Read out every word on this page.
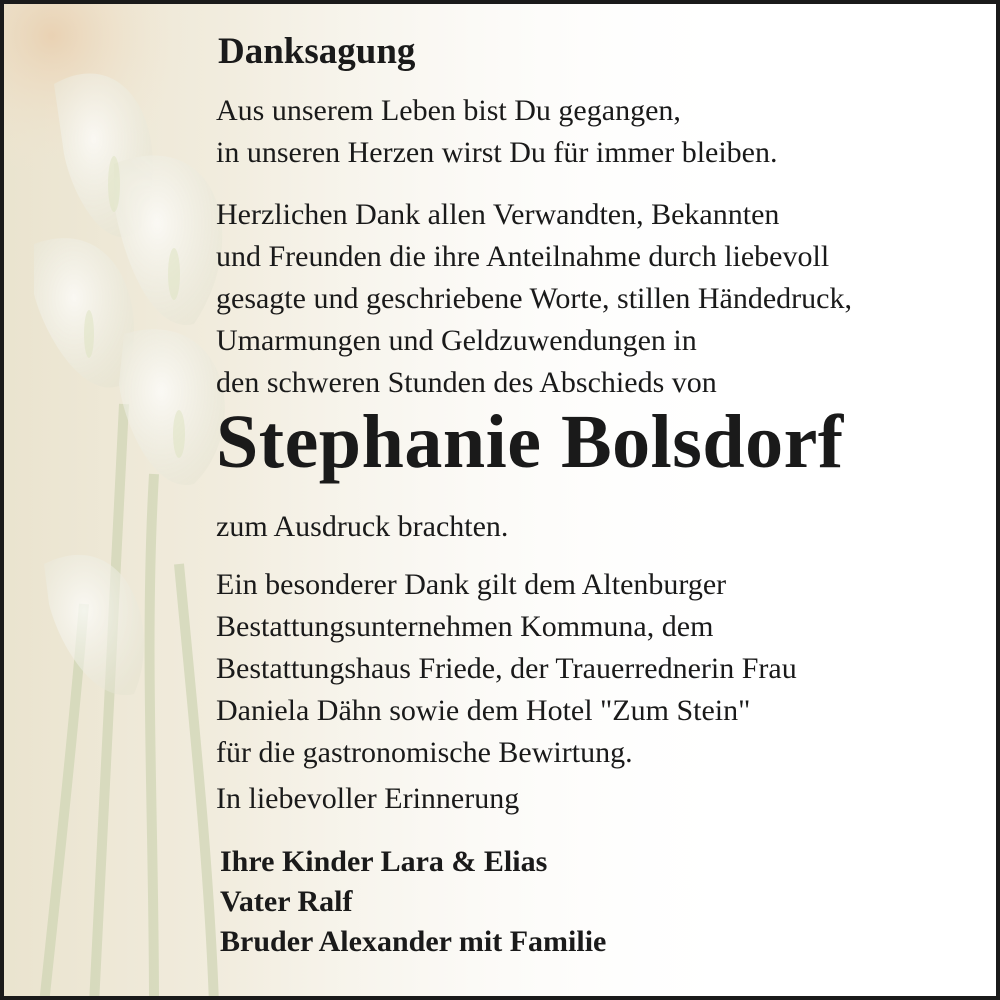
Danksagung

Aus unserem Leben bist Du gegangen,
in unseren Herzen wirst Du für immer bleiben.

Herzlichen Dank allen Verwandten, Bekannten
und Freunden die ihre Anteilnahme durch liebevoll
gesagte und geschriebene Worte, stillen Händedruck,
Umarmungen und Geldzuwendungen in
den schweren Stunden des Abschieds von

Stephanie Bolsdorf

zum Ausdruck brachten.

Ein besonderer Dank gilt dem Altenburger
Bestattungsunternehmen Kommuna, dem
Bestattungshaus Friede, der Trauerrednerin Frau
Daniela Dähn sowie dem Hotel "Zum Stein"
für die gastronomische Bewirtung.

In liebevoller Erinnerung

Ihre Kinder Lara & Elias
Vater Ralf
Bruder Alexander mit Familie
